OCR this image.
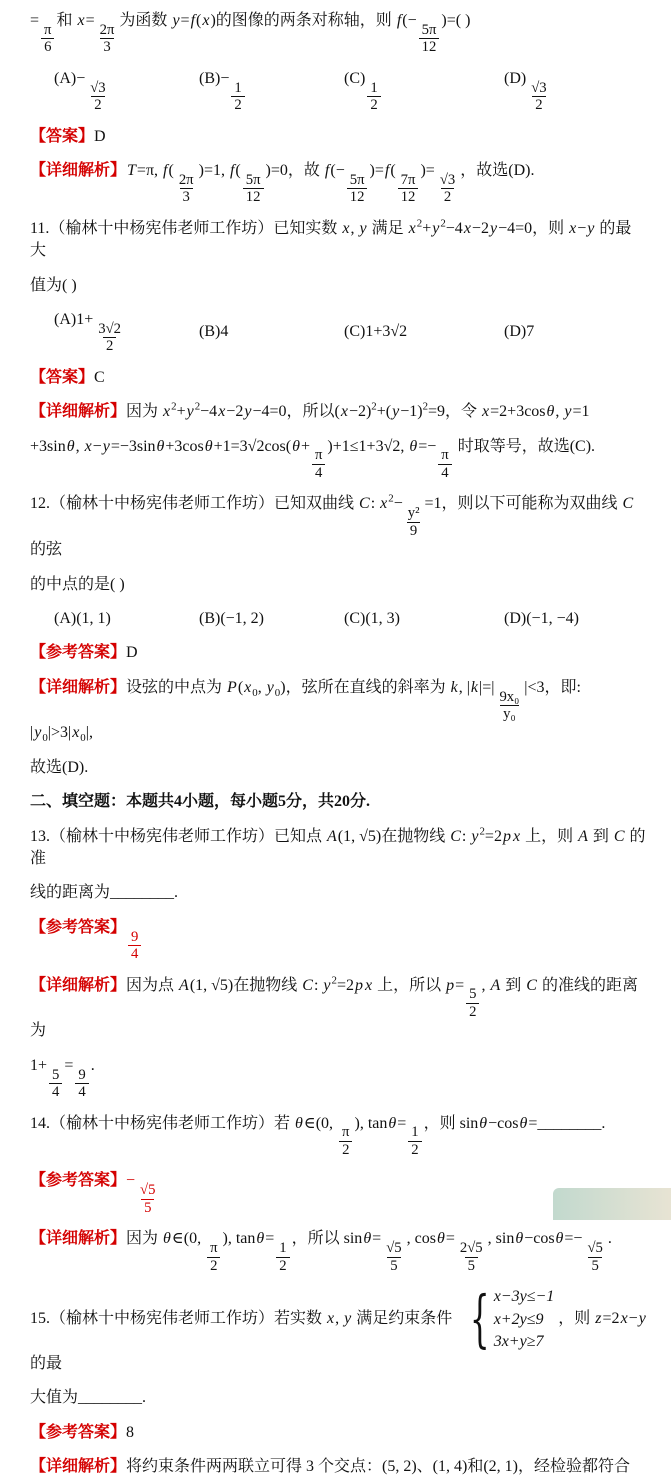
=
$\frac{\pi}{6}$
和 x=
$\frac{2\pi}{3}$
为函数 y=f(x)的图像的两条对称轴，则 f(−
$\frac{5\pi}{12}$
)=( )
(A)−
$\frac{√3}{2}$
(B)−
$\frac{1}{2}$
(C)
$\frac{1}{2}$
(D)
$\frac{√3}{2}$
【答案】D
【详细解析】T=π, f(
$\frac{2\pi}{3}$
)=1, f(
$\frac{5\pi}{12}$
)=0，故 f(−
$\frac{5\pi}{12}$
)=f(
$\frac{7\pi}{12}$
)=
$\frac{√3}{2}$
，故选(D).
11.（榆林十中杨宪伟老师工作坊）已知实数 x, y 满足 $x^2+y^2-4x-2y-4=0$，则 x−y 的最大
值为( )
(A)1+
$\frac{3√2}{2}$	(B)4	(C)1+3√2	(D)7
【答案】C
【详细解析】因为 $x^2+y^2-4x-2y-4=0$，所以$(x-2)^2+(y-1)^2=9$，令 x=2+3cosθ, y=1
+3sinθ, x−y=−3sinθ+3cosθ+1=3√2cos(θ+
$\frac{\pi}{4}$
)+1≤1+3√2, θ=−
$\frac{\pi}{4}$
时取等号，故选(C).
12.（榆林十中杨宪伟老师工作坊）已知双曲线 C: $x^2-$
$\frac{\text{y²}}{9}$
=1，则以下可能称为双曲线 C 的弦
的中点的是( )
(A)(1, 1)	(B)(−1, 2)	(C)(1, 3)	(D)(−1, −4)
【参考答案】D
【详细解析】设弦的中点为 $P(x_0$, $y_0$)，弦所在直线的斜率为 k, |k|=|
$\frac{\text{9x₀}}{\text{y₀}}$
|<3，即: $|y_0|>3|x_0|$,
故选(D).
二、填空题：本题共4小题，每小题5分，共20分.
13.（榆林十中杨宪伟老师工作坊）已知点 A(1, √5)在抛物线 C: $y^2=2p$ x 上，则 A 到 C 的准
线的距离为________.
【参考答案】
$\frac{9}{4}$
【详细解析】因为点 A(1, √5)在抛物线 C: $y^2=2p$ x 上，所以 p=
$\frac{5}{2}$
, A 到 C 的准线的距离为
1+
$\frac{5}{4}$
=
$\frac{9}{4}$
.
14.（榆林十中杨宪伟老师工作坊）若 θ∈(0,
$\frac{\pi}{2}$
), tanθ=
$\frac{1}{2}$
，则 sinθ−cosθ=________.
【参考答案】−
$\frac{√5}{5}$
【详细解析】因为 θ∈(0,
$\frac{\pi}{2}$
), tanθ=
$\frac{1}{2}$
，所以 sinθ=
$\frac{√5}{5}$
, cosθ=
$\frac{2√5}{5}$
, sinθ−cosθ=−
$\frac{√5}{5}$
.
15.（榆林十中杨宪伟老师工作坊）若实数 x, y 满足约束条件 { x−3y≤−1
x+2y≤9
3x+y≥7
，则 z=2x−y 的最
大值为________.
【参考答案】8
【详细解析】将约束条件两两联立可得 3 个交点：(5, 2)、(1, 4)和(2, 1)，经检验都符合
